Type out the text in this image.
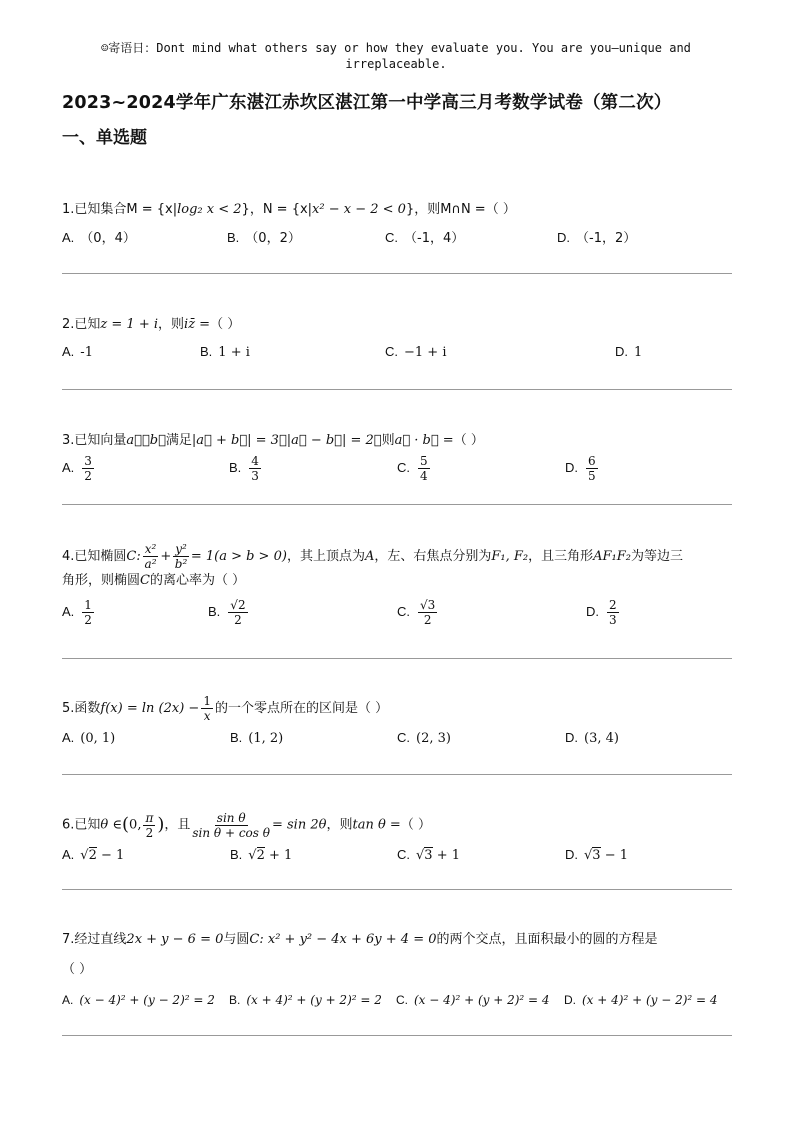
☺寄语日：Dont mind what others say or how they evaluate you. You are you—unique and irreplaceable.
2023~2024学年广东湛江赤坎区湛江第一中学高三月考数学试卷（第二次）
一、单选题
1.已知集合M = {x|log₂ x < 2}，N = {x|x² − x − 2 < 0}，则M∩N =（ ）
A. （0，4）	B. （0，2）	C. （-1，4）	D. （-1，2）
2.已知z = 1 + i，则iz̄ =（ ）
A. -1	B. 1 + i	C. −1 + i	D. 1
3.已知向量a⃗，b⃗满足|a⃗ + b⃗| = 3，|a⃗ − b⃗| = 2，则a⃗ · b⃗ =（ ）
A. $\frac{3}{2}$	B. $\frac{4}{3}$	C. $\frac{5}{4}$	D. $\frac{6}{5}$
4.已知椭圆C: $\frac{\text{x²}}{\text{a²}} + \frac{\text{y²}}{\text{b²}} = 1(a > b > 0)$，其上顶点为A，左、右焦点分别为F₁, F₂，且三角形AF₁F₂为等边三
角形，则椭圆C的离心率为（ ）
A. $\frac{1}{2}$	B. $\frac{√2}{2}$	C. $\frac{√3}{2}$	D. $\frac{2}{3}$
5.函数$f(x) = \ln (2x) - \frac{1}{x}$ 的一个零点所在的区间是（ ）
A. (0, 1)	B. (1, 2)	C. (2, 3)	D. (3, 4)
6.已知θ ∈(0, $\frac{\pi}{2}$ )，且 $\frac{\text{sin θ}}{\text{sin θ + cos θ}} = \sin 2\theta$，则tan θ =（ ）
A. √2 − 1	B. √2 + 1	C. √3 + 1	D. √3 − 1
7.经过直线2x + y − 6 = 0与圆C: x² + y² − 4x + 6y + 4 = 0的两个交点，且面积最小的圆的方程是
（ ）
A. (x − 4)² + (y − 2)² = 2 B. (x + 4)² + (y + 2)² = 2 C. (x − 4)² + (y + 2)² = 4 D. (x + 4)² + (y − 2)² = 4
